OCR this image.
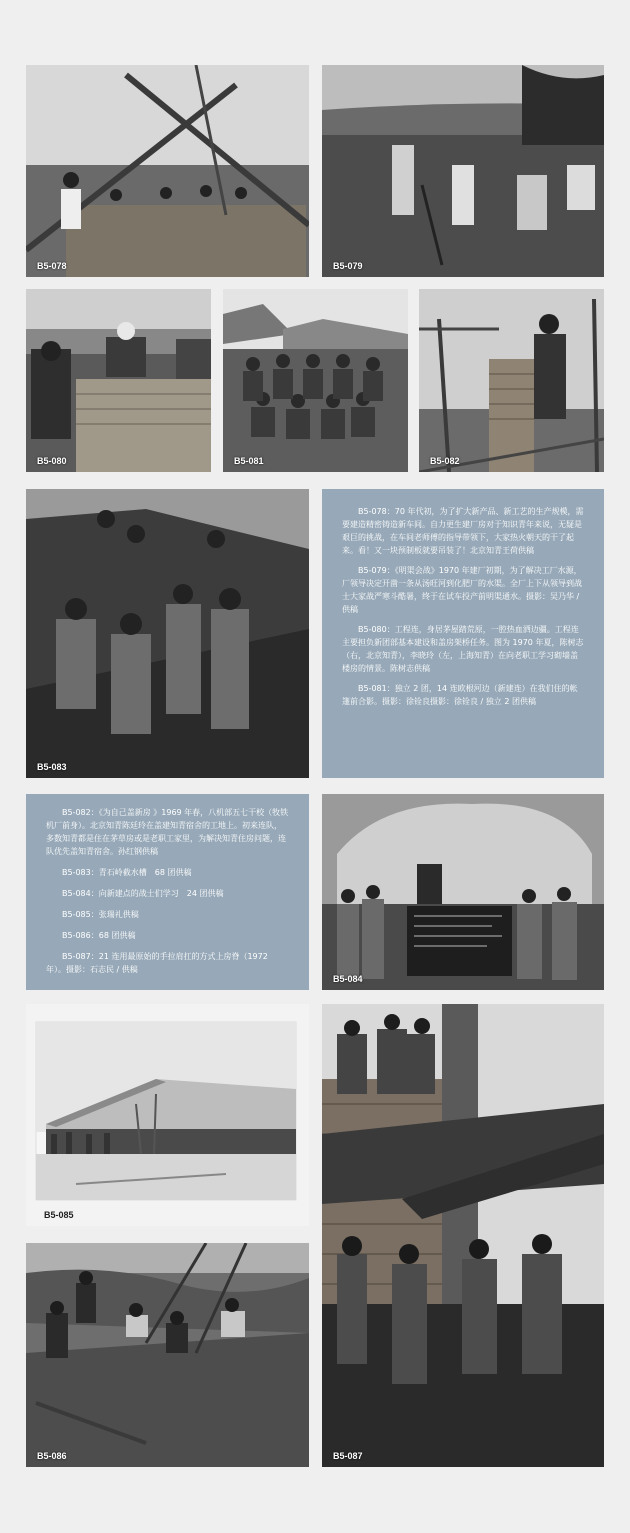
B5-078	B5-079
B5-080	B5-081	B5-082
B5-083

B5-078：70 年代初，为了扩大新产品、新工艺的生产规模，需要建造精密铸造新车间。自力更生建厂房对于知识青年来说，无疑是艰巨的挑战，在车间老师傅的指导带领下，大家热火朝天的干了起来。看！又一块预制板就要吊装了！北京知青王荷供稿

B5-079：《明渠会战》1970 年建厂初期，为了解决工厂水源，厂领导决定开凿一条从汤旺河到化肥厂的水渠。全厂上下从领导到战士大家战严寒斗酷暑，终于在试车投产前明渠通水。摄影：吴乃华 / 供稿

B5-080：工程连，身居茅屋踏荒原，一腔热血洒边疆。工程连主要担负新团部基本建设和盖房架桥任务。图为 1970 年夏，陈树志（右，北京知青），李晓玲（左，上海知青）在向老职工学习砌墙盖楼房的情景。陈树志供稿

B5-081：独立 2 团，14 连欧根河边（新建连）在我们住的帐篷前合影。摄影：徐铨良摄影：徐铨良 / 独立 2 团供稿

B5-082：《为自己盖新房 》1969 年春，八机部五七干校（牧铁机厂前身）。北京知青陈廷玲在盖建知青宿舍的工地上。初来连队，多数知青都是住在茅草房或是老职工家里，为解决知青住房问题，连队优先盖知青宿舍。孙红钢供稿

B5-083：青石岭截水槽　68 团供稿

B5-084：向新建点的战士们学习　24 团供稿

B5-085：张瑞礼供稿

B5-086：68 团供稿

B5-087：21 连用最原始的手拉肩扛的方式上房脊（1972 年）。摄影：石志民 / 供稿

B5-084
B5-085
B5-087
B5-086
